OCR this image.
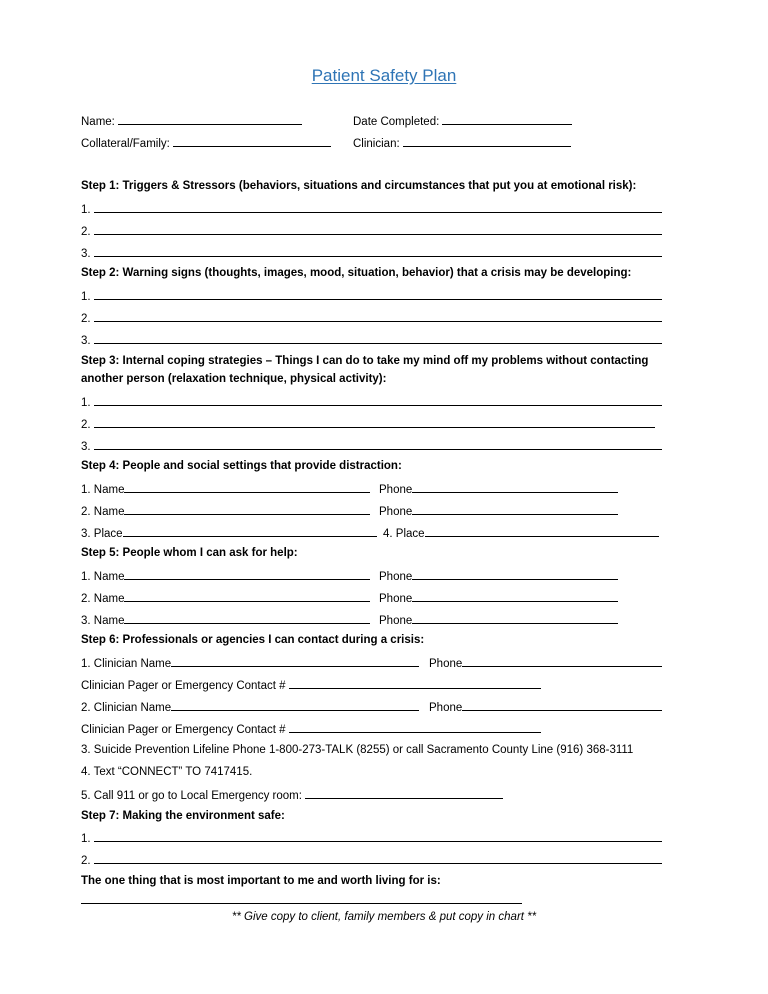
Patient Safety Plan
Name:	Date Completed:
Collateral/Family:	Clinician:
Step 1: Triggers & Stressors (behaviors, situations and circumstances that put you at emotional risk):
1.
2.
3.
Step 2: Warning signs (thoughts, images, mood, situation, behavior) that a crisis may be developing:
1.
2.
3.
Step 3: Internal coping strategies – Things I can do to take my mind off my problems without contacting
another person (relaxation technique, physical activity):
1.
2.
3.
Step 4: People and social settings that provide distraction:
1. Name	Phone
2. Name	Phone
3. Place	4. Place
Step 5: People whom I can ask for help:
1. Name	Phone
2. Name	Phone
3. Name	Phone
Step 6: Professionals or agencies I can contact during a crisis:
1. Clinician Name	Phone
Clinician Pager or Emergency Contact #
2. Clinician Name	Phone
Clinician Pager or Emergency Contact #
3. Suicide Prevention Lifeline Phone 1-800-273-TALK (8255) or call Sacramento County Line (916) 368-3111
4. Text “CONNECT” TO 7417415.
5. Call 911 or go to Local Emergency room:
Step 7: Making the environment safe:
1.
2.
The one thing that is most important to me and worth living for is:
** Give copy to client, family members & put copy in chart **
